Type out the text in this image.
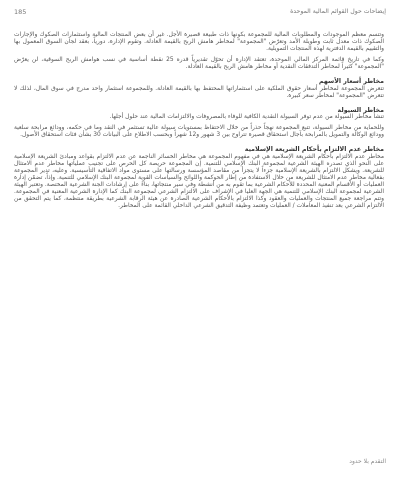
إيضاحات حول القوائم المالية الموحدة
185

وتتسم معظم الموجودات والمطلوبات المالية للمجموعة بكونها ذات طبيعة قصيرة الأجل. غير أن بعض المنتجات المالية واستثمارات الصكوك والإجارات الصكوك ذات معدل ثابت وطويلة الأمد وتعرّض "المجموعة" لمخاطر هامش الربح بالقيمة العادلة. وتقوم الإدارة، دورياً، بعقد لجان السوق المعمول بها والتقييم بالقيمة الدفترية لهذه المنتجات التمويلية.

وكما في تاريخ قائمة المركز المالي الموحدة، تعتقد الإدارة أن تحوّل تقديرياً قدره 25 نقطة أساسية في نسب هوامش الربح السوقية، لن يعرّض "المجموعة" كثيراً لمخاطر التدفقات النقدية أو مخاطر هامش الربح بالقيمة العادلة.

مخاطر أسعار الأسهم

تتعرض المجموعة لمخاطر أسعار حقوق الملكية على استثماراتها المحتفظ بها بالقيمة العادلة. وللمجموعة استثمار واحد مدرج في سوق المال، لذلك لا تتعرض "المجموعة" لمخاطر سعر كبيرة.

مخاطر السيولة

تنشأ مخاطر السيولة من عدم توفر السيولة النقدية الكافية للوفاء بالمصروفات والالتزامات المالية عند حلول أجلها.

وللحماية من مخاطر السيولة، تتبع المجموعة نهجاً حذراً من خلال الاحتفاظ بمستويات سيولة عالية تستثمر في النقد وما في حكمه، وودائع مرابحة سلعية وودائع الوكالة والتمويل بالمرابحة بآجال استحقاق قصيرة تتراوح بين 3 شهور و12 شهراً وبحسب الاطلاع على البيانات 30 بشأن فئات استحقاق الأصول.

مخاطر عدم الالتزام بأحكام الشريعة الإسلامية

مخاطر عدم الالتزام بأحكام الشريعة الإسلامية هي في مفهوم المجموعة هي مخاطر الخسائر الناجمة عن عدم الالتزام بقواعد ومبادئ الشريعة الإسلامية على النحو الذي تصدره الهيئة الشرعية لمجموعة البنك الإسلامي للتنمية. إن المجموعة حريصة كل الحرص على تجنيب عملياتها مخاطر عدم الامتثال للشريعة. ويشكل الالتزام بالشريعة الإسلامية جزءاً لا يتجزأ من مقاصد المؤسسة ورسالتها على مستوى مواد الاتفاقية التأسيسية. وعليه، تدير المجموعة بفعالية مخاطر عدم الامتثال للشريعة من خلال الاستفادة من إطار الحوكمة واللوائح والسياسات القوية لمجموعة البنك الإسلامي للتنمية. وإذاً، تضمّن إدارة العمليات أو الأقسام المعنية المحددة للأحكام الشرعية بما تقوم به من أنشطة وفي سير منتجاتها، بناءً على إرشادات الجنة الشرعية المختصة. وتعتبر الهيئة الشرعية لمجموعة البنك الإسلامي للتنمية هي الجهة العليا في الإشراف على الالتزام الشرعي لمجموعة البنك كما الإدارة الشرعية المعنية في المجموعة. وتتم مراجعة جميع المنتجات والعمليات والعقود وكذا الالتزام بالأحكام الشرعية الصادرة عن هيئة الرقابة الشرعية بطريقة منتظمة، كما يتم التحقق من الالتزام الشرعي بعد تنفيذ المعاملات / العمليات وتعتمد وظيفة التدقيق الشرعي الداخلي القائمة على المخاطر.

التقدم بلا حدود
